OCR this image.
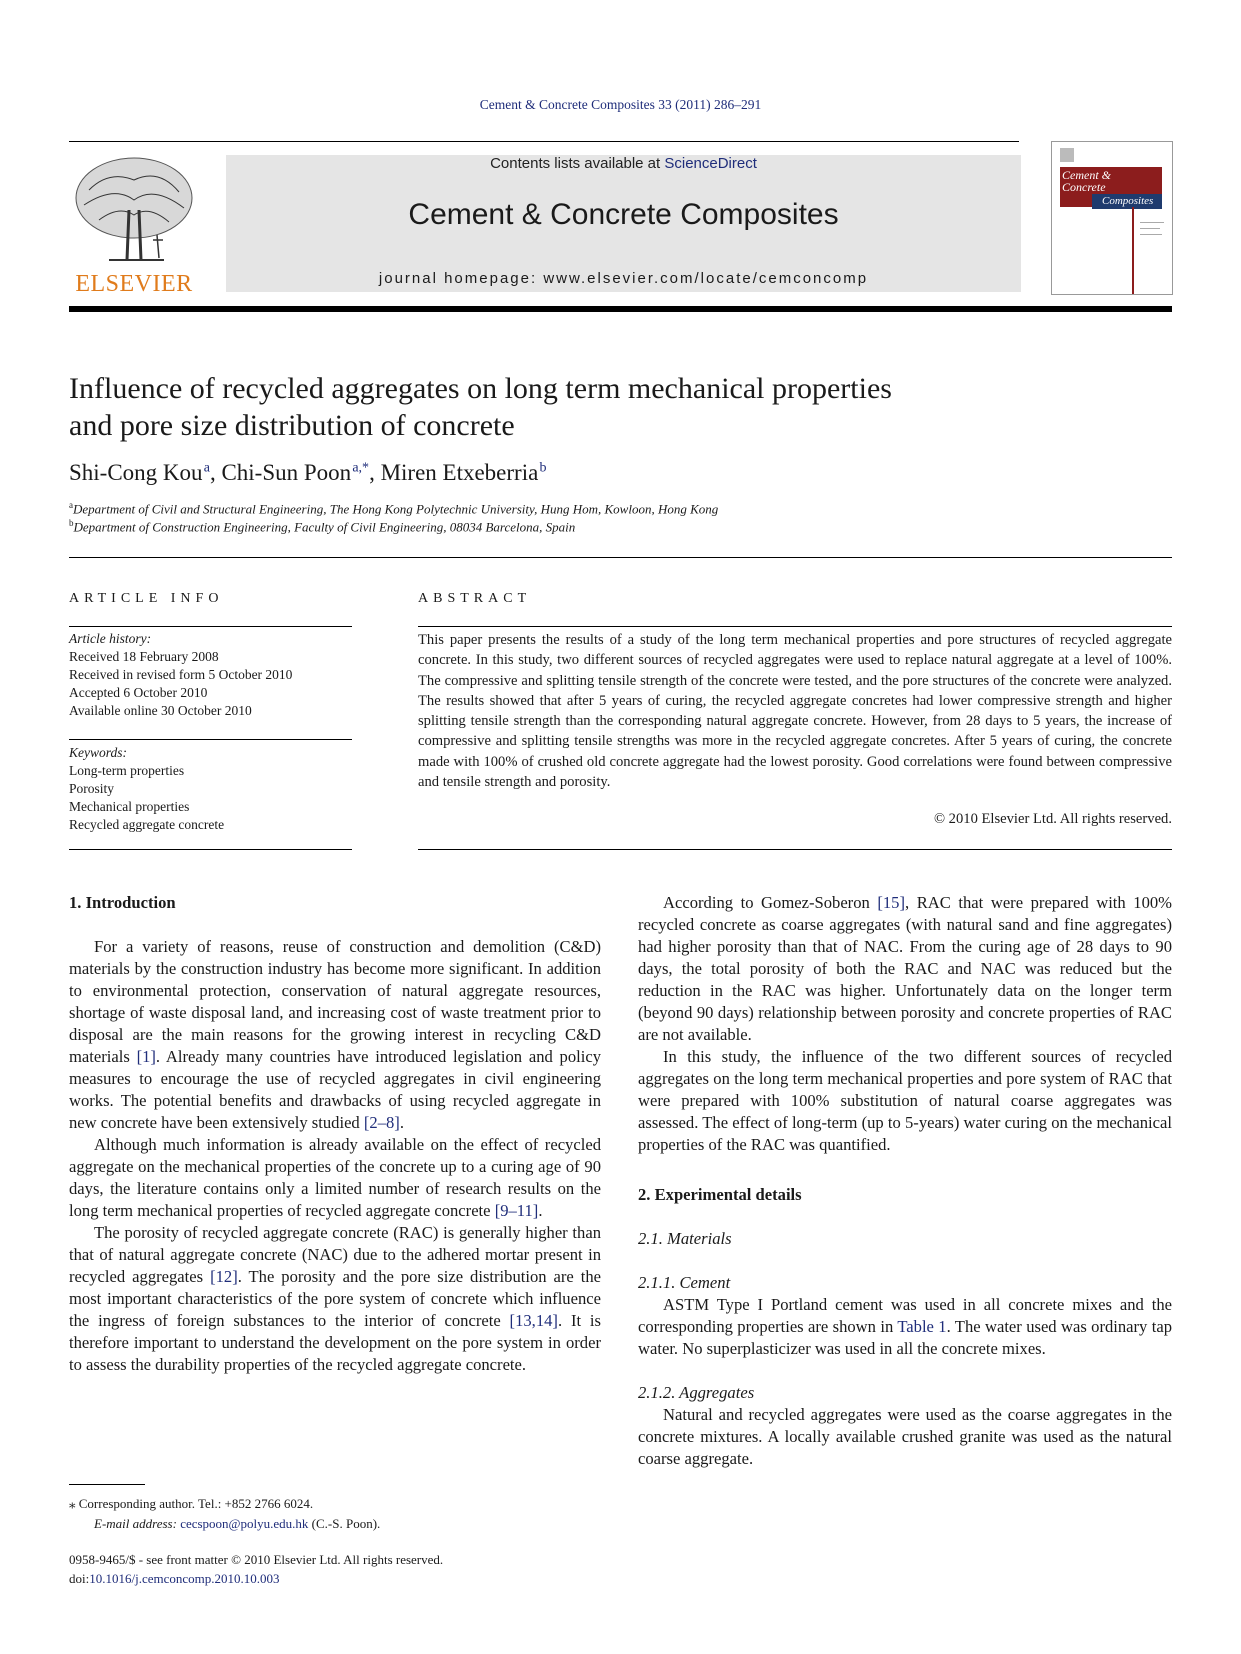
Cement & Concrete Composites 33 (2011) 286–291
ELSEVIER
Contents lists available at ScienceDirect
Cement & Concrete Composites
journal homepage: www.elsevier.com/locate/cemconcomp
Cement &
Concrete
Composites
Influence of recycled aggregates on long term mechanical properties
and pore size distribution of concrete
Shi-Cong Kou $^a$, Chi-Sun Poon $^{a,*}$, Miren Etxeberria $^b$
$^a$Department of Civil and Structural Engineering, The Hong Kong Polytechnic University, Hung Hom, Kowloon, Hong Kong
$^b$Department of Construction Engineering, Faculty of Civil Engineering, 08034 Barcelona, Spain
ARTICLE INFO
Article history:
Received 18 February 2008
Received in revised form 5 October 2010
Accepted 6 October 2010
Available online 30 October 2010
Keywords:
Long-term properties
Porosity
Mechanical properties
Recycled aggregate concrete
ABSTRACT
This paper presents the results of a study of the long term mechanical properties and pore structures of recycled aggregate concrete. In this study, two different sources of recycled aggregates were used to replace natural aggregate at a level of 100%. The compressive and splitting tensile strength of the concrete were tested, and the pore structures of the concrete were analyzed. The results showed that after 5 years of curing, the recycled aggregate concretes had lower compressive strength and higher splitting tensile strength than the corresponding natural aggregate concrete. However, from 28 days to 5 years, the increase of compressive and splitting tensile strengths was more in the recycled aggregate concretes. After 5 years of curing, the concrete made with 100% of crushed old concrete aggregate had the lowest porosity. Good correlations were found between compressive and tensile strength and porosity.
© 2010 Elsevier Ltd. All rights reserved.
1. Introduction

For a variety of reasons, reuse of construction and demolition (C&D) materials by the construction industry has become more significant. In addition to environmental protection, conservation of natural aggregate resources, shortage of waste disposal land, and increasing cost of waste treatment prior to disposal are the main reasons for the growing interest in recycling C&D materials [1]. Already many countries have introduced legislation and policy measures to encourage the use of recycled aggregates in civil engineering works. The potential benefits and drawbacks of using recycled aggregate in new concrete have been extensively studied [2–8].

Although much information is already available on the effect of recycled aggregate on the mechanical properties of the concrete up to a curing age of 90 days, the literature contains only a limited number of research results on the long term mechanical properties of recycled aggregate concrete [9–11].

The porosity of recycled aggregate concrete (RAC) is generally higher than that of natural aggregate concrete (NAC) due to the adhered mortar present in recycled aggregates [12]. The porosity and the pore size distribution are the most important characteristics of the pore system of concrete which influence the ingress of foreign substances to the interior of concrete [13,14]. It is therefore important to understand the development on the pore system in order to assess the durability properties of the recycled aggregate concrete.

According to Gomez-Soberon [15], RAC that were prepared with 100% recycled concrete as coarse aggregates (with natural sand and fine aggregates) had higher porosity than that of NAC. From the curing age of 28 days to 90 days, the total porosity of both the RAC and NAC was reduced but the reduction in the RAC was higher. Unfortunately data on the longer term (beyond 90 days) relationship between porosity and concrete properties of RAC are not available.

In this study, the influence of the two different sources of recycled aggregates on the long term mechanical properties and pore system of RAC that were prepared with 100% substitution of natural coarse aggregates was assessed. The effect of long-term (up to 5-years) water curing on the mechanical properties of the RAC was quantified.

2. Experimental details
2.1. Materials
2.1.1. Cement

ASTM Type I Portland cement was used in all concrete mixes and the corresponding properties are shown in Table 1. The water used was ordinary tap water. No superplasticizer was used in all the concrete mixes.

2.1.2. Aggregates

Natural and recycled aggregates were used as the coarse aggregates in the concrete mixtures. A locally available crushed granite was used as the natural coarse aggregate.

⁎ Corresponding author. Tel.: +852 2766 6024.
E-mail address: cecspoon@polyu.edu.hk (C.-S. Poon).
0958-9465/$ - see front matter © 2010 Elsevier Ltd. All rights reserved.
doi:10.1016/j.cemconcomp.2010.10.003
